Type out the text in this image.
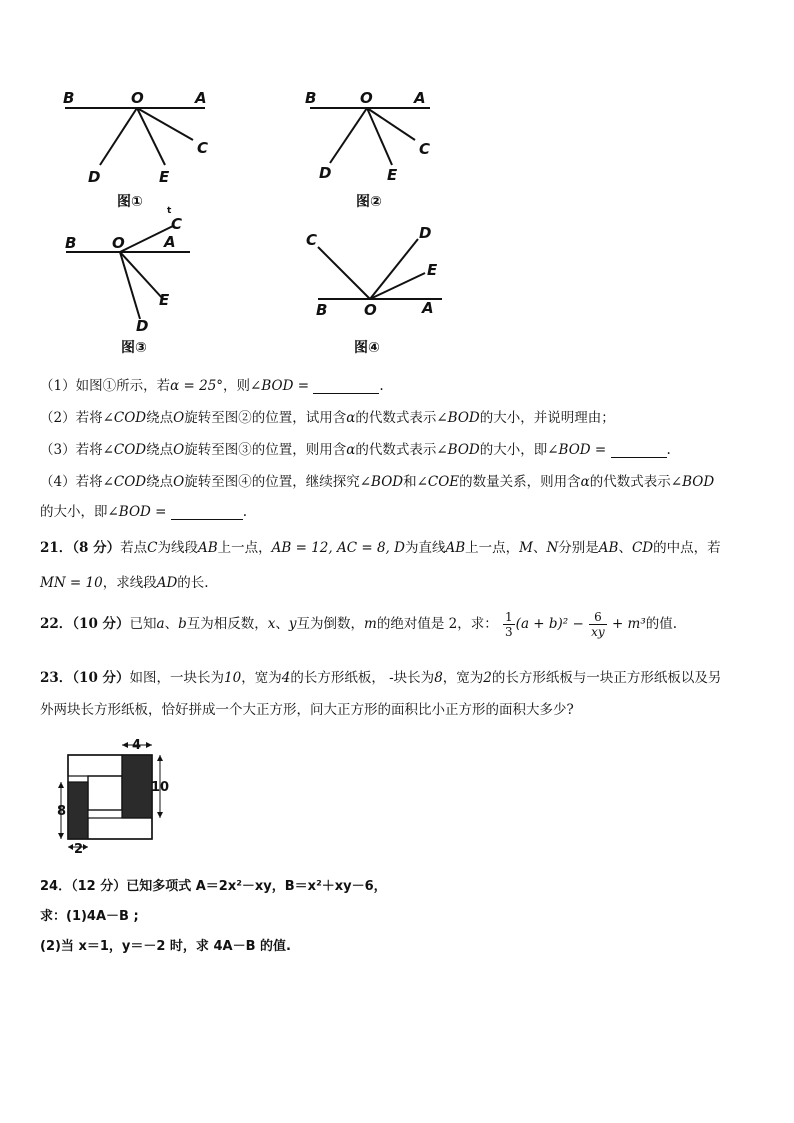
B	O	A
C
D	E
图①
t
B	O	A
C
D	E
图②
B O	A
C
E
D
图③
C	D
E
B O	A
图④
（1）如图①所示，若α = 25°，则∠BOD =	.
（2）若将∠COD绕点O旋转至图②的位置，试用含α的代数式表示∠BOD的大小，并说明理由；
（3）若将∠COD绕点O旋转至图③的位置，则用含α的代数式表示∠BOD的大小，即∠BOD =	.
（4）若将∠COD绕点O旋转至图④的位置，继续探究∠BOD和∠COE的数量关系，则用含α的代数式表示∠BOD
的大小，即∠BOD =	.
21．（8 分）若点C为线段AB上一点，AB = 12, AC = 8, D为直线AB上一点，M、N分别是AB、CD的中点，若
MN = 10，求线段AD的长.
22．（10 分）已知a、b互为相反数，x、y互为倒数，m的绝对值是 2，求： $\frac{1}{3} (a + b)^2 - \frac{6}{xy} + m^3$的值.
23．（10 分）如图，一块长为10，宽为4的长方形纸板， -块长为8，宽为2的长方形纸板与一块正方形纸板以及另
外两块长方形纸板，恰好拼成一个大正方形，问大正方形的面积比小正方形的面积大多少?
4
10
8
2
24．（12 分）已知多项式 A＝2x²－xy，B＝x²＋xy－6，
求：(1)4A－B ;
(2)当 x＝1，y＝－2 时，求 4A－B 的值.
